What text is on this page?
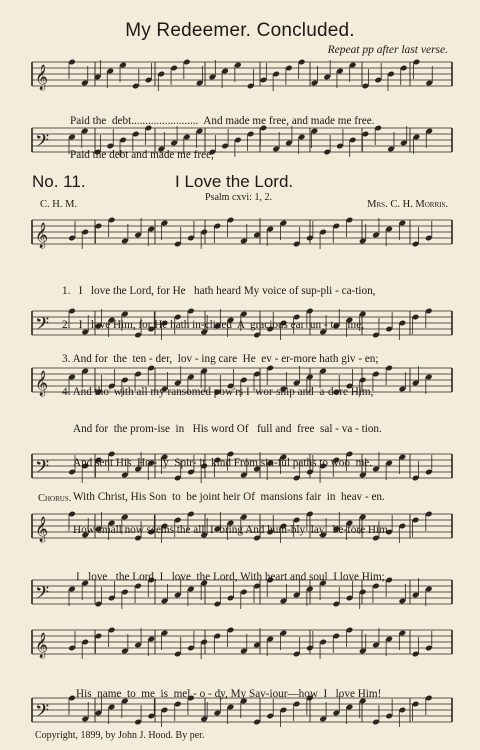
𝄞
𝄢
𝄞
𝄢
𝄞
𝄢
𝄞
𝄢
𝄞
𝄢
My Redeemer. Concluded.
Repeat pp after last verse.

Paid the  debt........................  And made me free, and made me free.

Paid the debt and made me free,

No. 11.	I Love the Lord.
Psalm cxvi: 1, 2.
C. H. M.	Mrs. C. H. Morris.

1.   I   love the Lord, for He   hath heard My voice of sup-pli - ca-tion,

2.   I   love Him, for He hath in-clined  A  gracious ear  un - to   me,

3. And for  the  ten - der,  lov - ing care  He  ev - er-more hath giv - en;

4. And tho' with all my ransomed pow'rs I  wor-ship and  a-dore Him,

And for  the prom-ise  in   His word Of   full and  free  sal - va - tion.

And sent His  Ho - ly  Spir- it  kind From sin-ful paths to woo  me.

With Christ, His Son  to  be joint heir Of  mansions fair  in  heav - en.

How small now seems the all  I  bring And hum-bly  lay   be-fore Him.

Chorus.

I   love   the Lord, I   love  the Lord, With heart and soul  I love Him;

His  name  to  me  is  mel - o - dy, My Sav-iour—how  I   love Him!

Copyright, 1899, by John J. Hood. By per.
